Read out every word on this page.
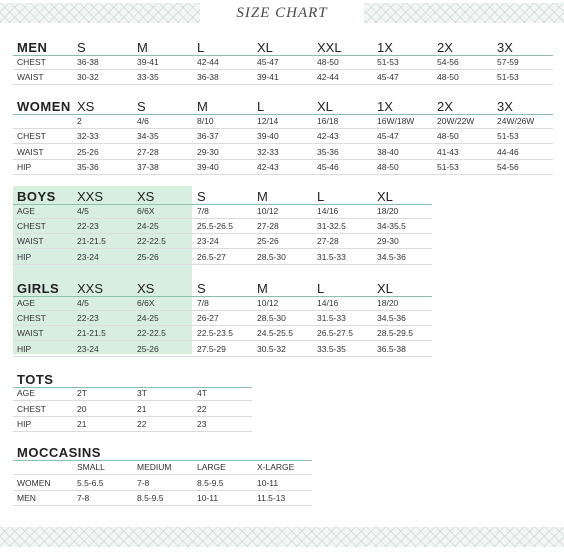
SIZE CHART
MEN S	M	L	XL	XXL	1X	2X	3X
CHEST	36-38	39-41	42-44	45-47	48-50	51-53	54-56	57-59
WAIST	30-32	33-35	36-38	39-41	42-44	45-47	48-50	51-53
WOMEN XS	S	M	L	XL	1X	2X	3X
2	4/6	8/10	12/14	16/18	16W/18W	20W/22W	24W/26W
CHEST	32-33	34-35	36-37	39-40	42-43	45-47	48-50	51-53
WAIST	25-26	27-28	29-30	32-33	35-36	38-40	41-43	44-46
HIP	35-36	37-38	39-40	42-43	45-46	48-50	51-53	54-56
BOYS XXS	XS	S	M	L	XL
AGE	4/5	6/6X	7/8	10/12	14/16	18/20
CHEST	22-23	24-25	25.5-26.5	27-28	31-32.5	34-35.5
WAIST	21-21.5	22-22.5	23-24	25-26	27-28	29-30
HIP	23-24	25-26	26.5-27	28.5-30	31.5-33	34.5-36
GIRLS XXS	XS	S	M	L	XL
AGE	4/5	6/6X	7/8	10/12	14/16	18/20
CHEST	22-23	24-25	26-27	28.5-30	31.5-33	34.5-36
WAIST	21-21.5	22-22.5	22.5-23.5	24.5-25.5	26.5-27.5	28.5-29.5
HIP	23-24	25-26	27.5-29	30.5-32	33.5-35	36.5-38
TOTS
AGE	2T	3T	4T
CHEST	20	21	22
HIP	21	22	23
MOCCASINS
SMALL	MEDIUM	LARGE	X-LARGE
WOMEN	5.5-6.5	7-8	8.5-9.5	10-11
MEN	7-8	8.5-9.5	10-11	11.5-13
